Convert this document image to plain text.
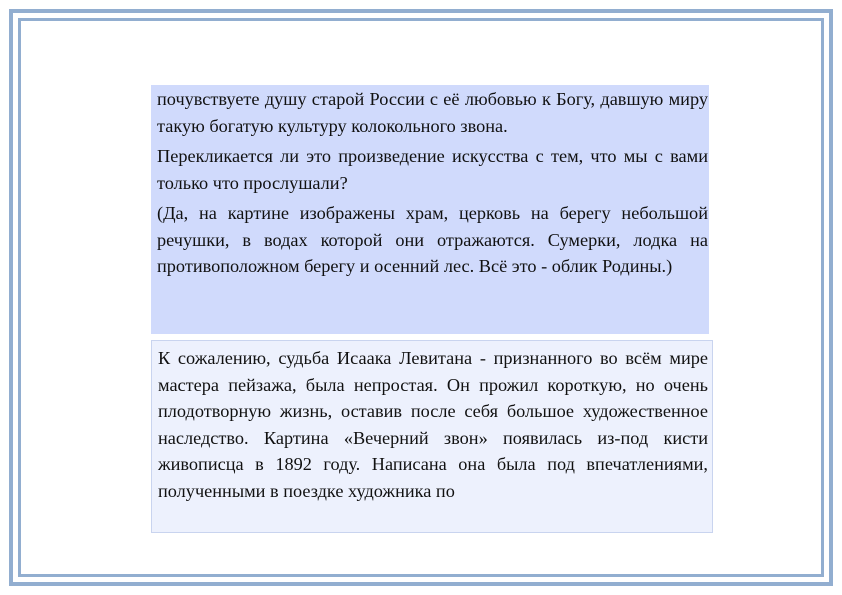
почувствуете душу старой России с её любовью к Богу, давшую миру такую богатую культуру колокольного звона.

Перекликается ли это произведение искусства с тем, что мы с вами только что прослушали?

(Да, на картине изображены храм, церковь на берегу небольшой речушки, в водах которой они отражаются. Сумерки, лодка на противоположном берегу и осенний лес. Всё это - облик Родины.)

К сожалению, судьба Исаака Левитана - признанного во всём мире мастера пейзажа, была непростая. Он прожил короткую, но очень плодотворную жизнь, оставив после себя большое художественное наследство. Картина «Вечерний звон» появилась из-под кисти живописца в 1892 году. Написана она была под впечатлениями, полученными в поездке художника по
